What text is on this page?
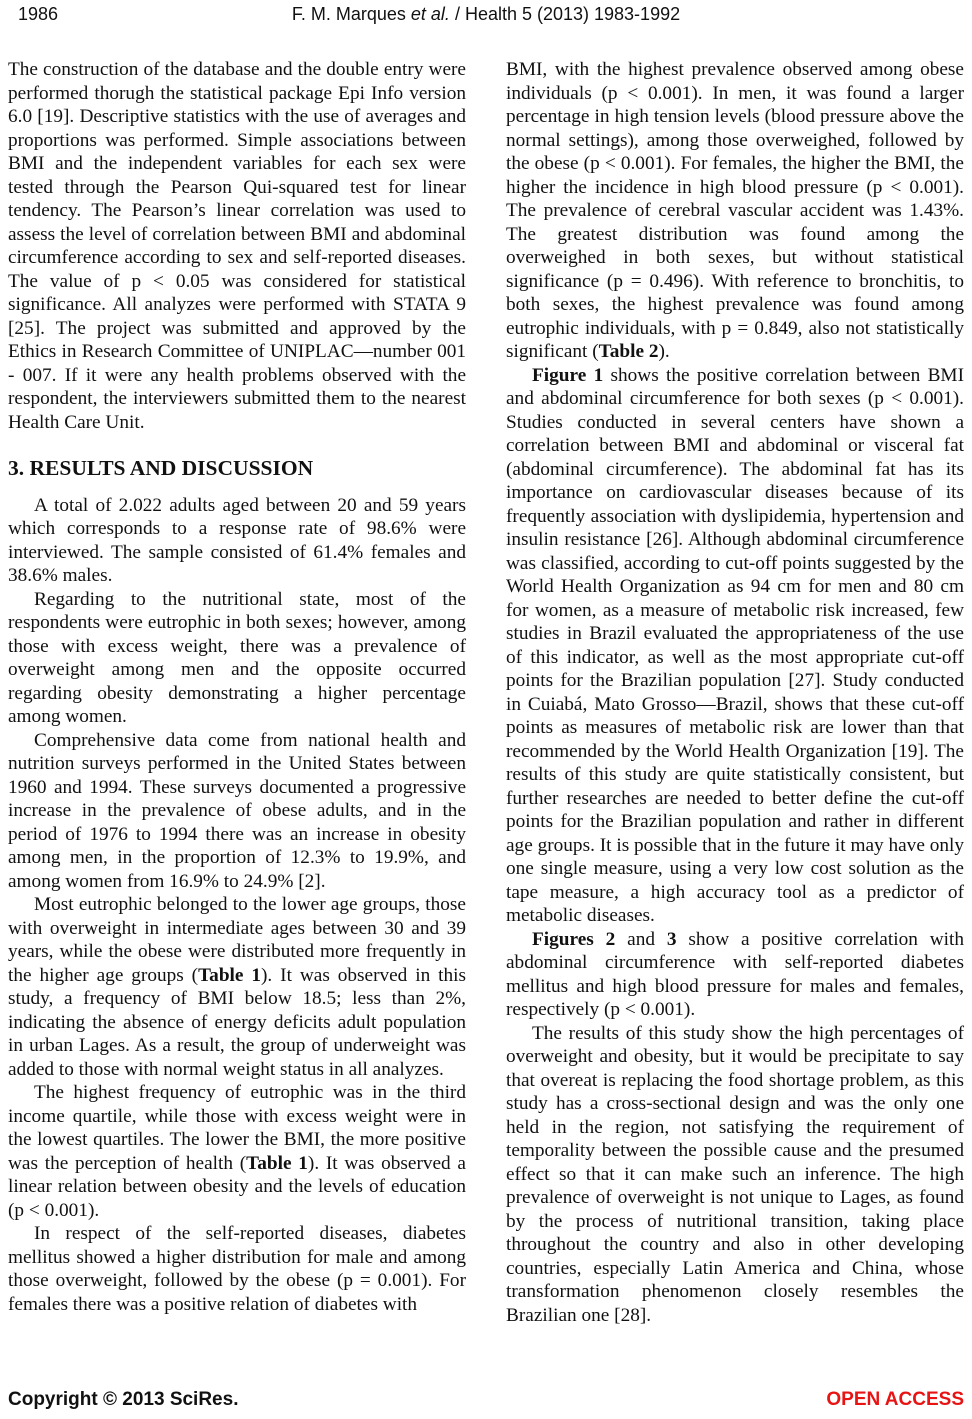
1986	F. M. Marques et al. / Health 5 (2013) 1983-1992

The construction of the database and the double entry were performed thorugh the statistical package Epi Info version 6.0 [19]. Descriptive statistics with the use of averages and proportions was performed. Simple associations between BMI and the independent variables for each sex were tested through the Pearson Qui-squared test for linear tendency. The Pearson’s linear correlation was used to assess the level of correlation between BMI and abdominal circumference according to sex and self-reported diseases. The value of p < 0.05 was considered for statistical significance. All analyzes were performed with STATA 9 [25]. The project was submitted and approved by the Ethics in Research Committee of UNIPLAC—number 001 - 007. If it were any health problems observed with the respondent, the interviewers submitted them to the nearest Health Care Unit.

3. RESULTS AND DISCUSSION

A total of 2.022 adults aged between 20 and 59 years which corresponds to a response rate of 98.6% were interviewed. The sample consisted of 61.4% females and 38.6% males.

Regarding to the nutritional state, most of the respondents were eutrophic in both sexes; however, among those with excess weight, there was a prevalence of overweight among men and the opposite occurred regarding obesity demonstrating a higher percentage among women.

Comprehensive data come from national health and nutrition surveys performed in the United States between 1960 and 1994. These surveys documented a progressive increase in the prevalence of obese adults, and in the period of 1976 to 1994 there was an increase in obesity among men, in the proportion of 12.3% to 19.9%, and among women from 16.9% to 24.9% [2].

Most eutrophic belonged to the lower age groups, those with overweight in intermediate ages between 30 and 39 years, while the obese were distributed more frequently in the higher age groups (Table 1). It was observed in this study, a frequency of BMI below 18.5; less than 2%, indicating the absence of energy deficits adult population in urban Lages. As a result, the group of underweight was added to those with normal weight status in all analyzes.

The highest frequency of eutrophic was in the third income quartile, while those with excess weight were in the lowest quartiles. The lower the BMI, the more positive was the perception of health (Table 1). It was observed a linear relation between obesity and the levels of education (p < 0.001).

In respect of the self-reported diseases, diabetes mellitus showed a higher distribution for male and among those overweight, followed by the obese (p = 0.001). For females there was a positive relation of diabetes with

BMI, with the highest prevalence observed among obese individuals (p < 0.001). In men, it was found a larger percentage in high tension levels (blood pressure above the normal settings), among those overweighed, followed by the obese (p < 0.001). For females, the higher the BMI, the higher the incidence in high blood pressure (p < 0.001). The prevalence of cerebral vascular accident was 1.43%. The greatest distribution was found among the overweighed in both sexes, but without statistical significance (p = 0.496). With reference to bronchitis, to both sexes, the highest prevalence was found among eutrophic individuals, with p = 0.849, also not statistically significant (Table 2).

Figure 1 shows the positive correlation between BMI and abdominal circumference for both sexes (p < 0.001). Studies conducted in several centers have shown a correlation between BMI and abdominal or visceral fat (abdominal circumference). The abdominal fat has its importance on cardiovascular diseases because of its frequently association with dyslipidemia, hypertension and insulin resistance [26]. Although abdominal circumference was classified, according to cut-off points suggested by the World Health Organization as 94 cm for men and 80 cm for women, as a measure of metabolic risk increased, few studies in Brazil evaluated the appropriateness of the use of this indicator, as well as the most appropriate cut-off points for the Brazilian population [27]. Study conducted in Cuiabá, Mato Grosso—Brazil, shows that these cut-off points as measures of metabolic risk are lower than that recommended by the World Health Organization [19]. The results of this study are quite statistically consistent, but further researches are needed to better define the cut-off points for the Brazilian population and rather in different age groups. It is possible that in the future it may have only one single measure, using a very low cost solution as the tape measure, a high accuracy tool as a predictor of metabolic diseases.

Figures 2 and 3 show a positive correlation with abdominal circumference with self-reported diabetes mellitus and high blood pressure for males and females, respectively (p < 0.001).

The results of this study show the high percentages of overweight and obesity, but it would be precipitate to say that overeat is replacing the food shortage problem, as this study has a cross-sectional design and was the only one held in the region, not satisfying the requirement of temporality between the possible cause and the presumed effect so that it can make such an inference. The high prevalence of overweight is not unique to Lages, as found by the process of nutritional transition, taking place throughout the country and also in other developing countries, especially Latin America and China, whose transformation phenomenon closely resembles the Brazilian one [28].

Copyright © 2013 SciRes.	OPEN ACCESS
